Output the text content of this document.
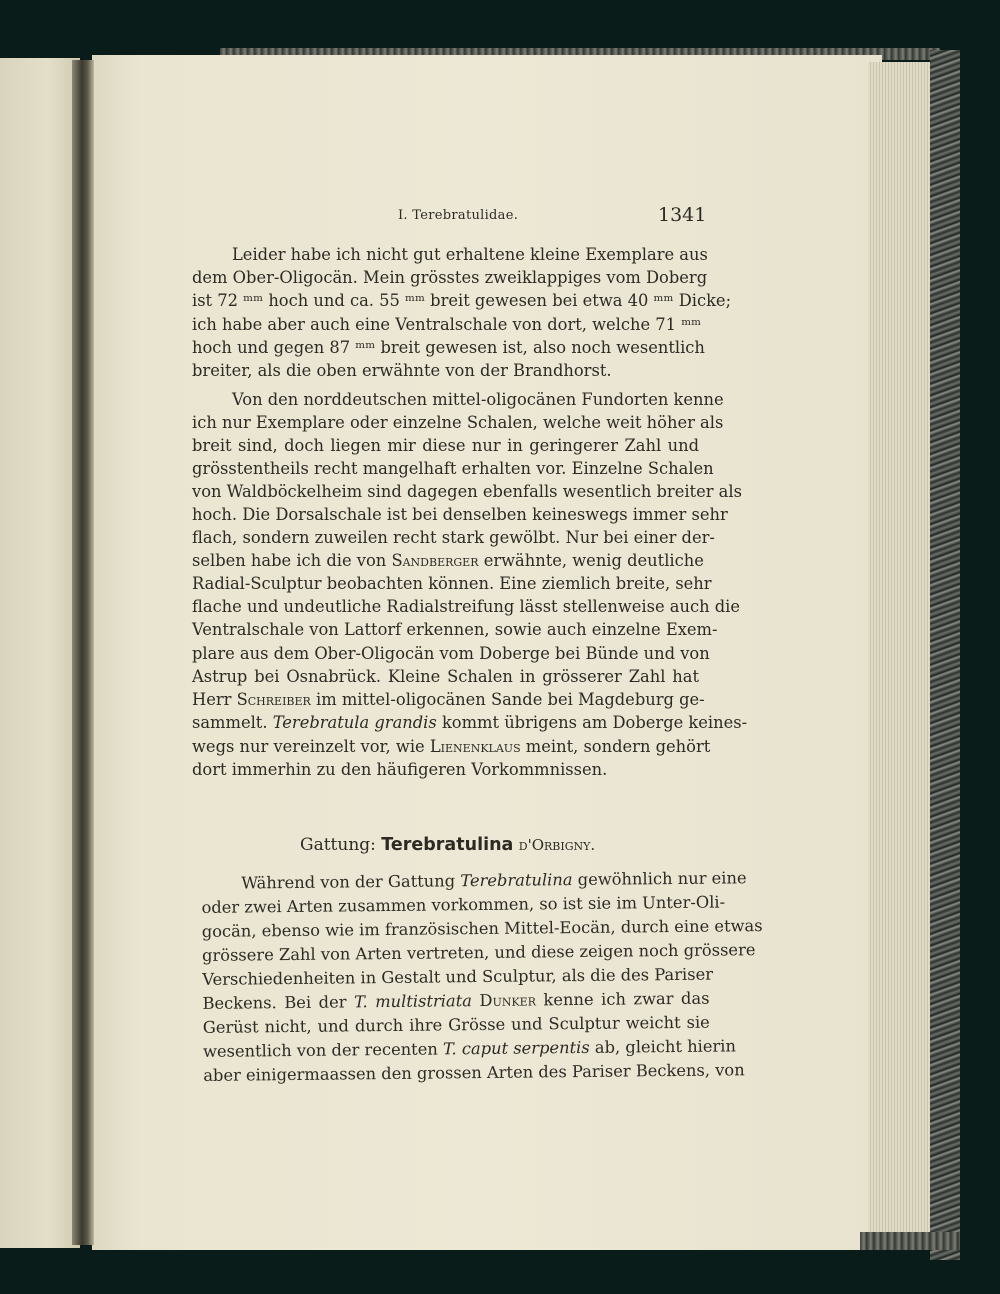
I. Terebratulidae.	1341
Leider habe ich nicht gut erhaltene kleine Exemplare aus
dem Ober-Oligocän. Mein grösstes zweiklappiges vom Doberg
ist 72 ᵐᵐ hoch und ca. 55 ᵐᵐ breit gewesen bei etwa 40 ᵐᵐ Dicke;
ich habe aber auch eine Ventralschale von dort, welche 71 ᵐᵐ
hoch und gegen 87 ᵐᵐ breit gewesen ist, also noch wesentlich
breiter, als die oben erwähnte von der Brandhorst.
Von den norddeutschen mittel-oligocänen Fundorten kenne
ich nur Exemplare oder einzelne Schalen, welche weit höher als
breit sind, doch liegen mir diese nur in geringerer Zahl und
grösstentheils recht mangelhaft erhalten vor. Einzelne Schalen
von Waldböckelheim sind dagegen ebenfalls wesentlich breiter als
hoch. Die Dorsalschale ist bei denselben keineswegs immer sehr
flach, sondern zuweilen recht stark gewölbt. Nur bei einer der-
selben habe ich die von Sandberger erwähnte, wenig deutliche
Radial-Sculptur beobachten können. Eine ziemlich breite, sehr
flache und undeutliche Radialstreifung lässt stellenweise auch die
Ventralschale von Lattorf erkennen, sowie auch einzelne Exem-
plare aus dem Ober-Oligocän vom Doberge bei Bünde und von
Astrup bei Osnabrück. Kleine Schalen in grösserer Zahl hat
Herr Schreiber im mittel-oligocänen Sande bei Magdeburg ge-
sammelt. Terebratula grandis kommt übrigens am Doberge keines-
wegs nur vereinzelt vor, wie Lienenklaus meint, sondern gehört
dort immerhin zu den häufigeren Vorkommnissen.
Gattung: Terebratulina d'Orbigny.
Während von der Gattung Terebratulina gewöhnlich nur eine
oder zwei Arten zusammen vorkommen, so ist sie im Unter-Oli-
gocän, ebenso wie im französischen Mittel-Eocän, durch eine etwas
grössere Zahl von Arten vertreten, und diese zeigen noch grössere
Verschiedenheiten in Gestalt und Sculptur, als die des Pariser
Beckens. Bei der T. multistriata Dunker kenne ich zwar das
Gerüst nicht, und durch ihre Grösse und Sculptur weicht sie
wesentlich von der recenten T. caput serpentis ab, gleicht hierin
aber einigermaassen den grossen Arten des Pariser Beckens, von
